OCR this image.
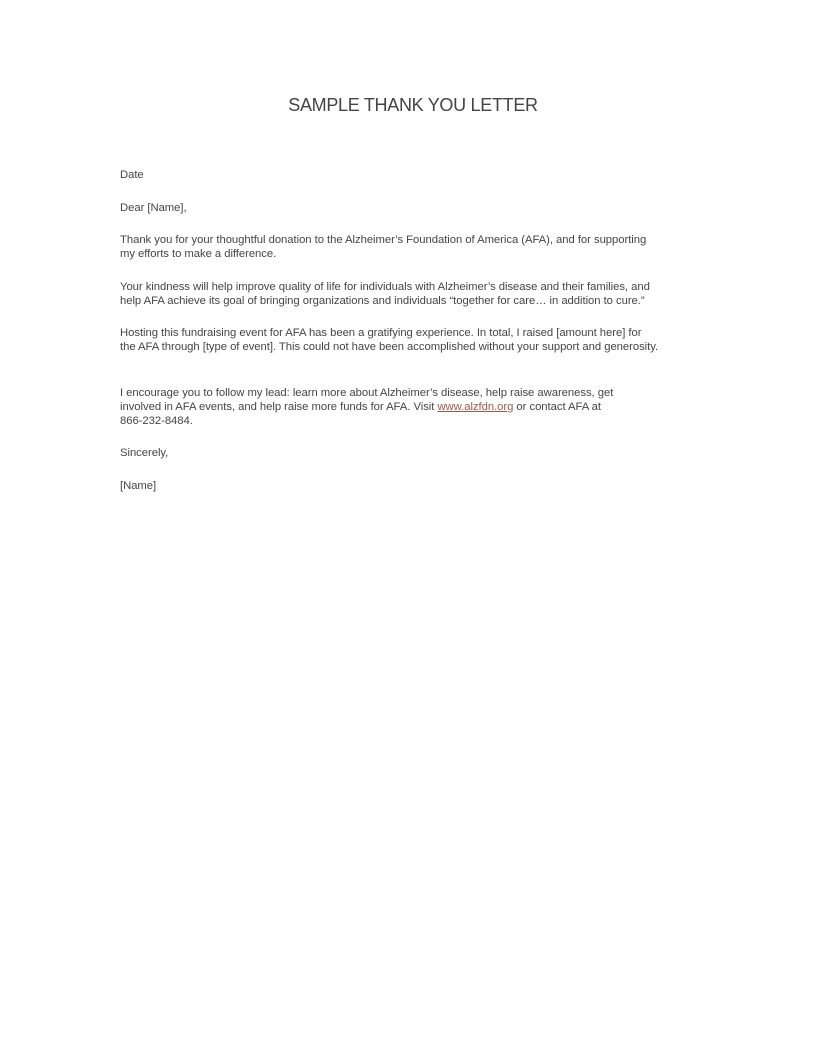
SAMPLE THANK YOU LETTER

Date

Dear [Name],

Thank you for your thoughtful donation to the Alzheimer’s Foundation of America (AFA), and for supporting
my efforts to make a difference.

Your kindness will help improve quality of life for individuals with Alzheimer’s disease and their families, and
help AFA achieve its goal of bringing organizations and individuals “together for care… in addition to cure.”

Hosting this fundraising event for AFA has been a gratifying experience. In total, I raised [amount here] for
the AFA through [type of event]. This could not have been accomplished without your support and generosity.

I encourage you to follow my lead: learn more about Alzheimer’s disease, help raise awareness, get
involved in AFA events, and help raise more funds for AFA. Visit www.alzfdn.org or contact AFA at
866-232-8484.

Sincerely,

[Name]
